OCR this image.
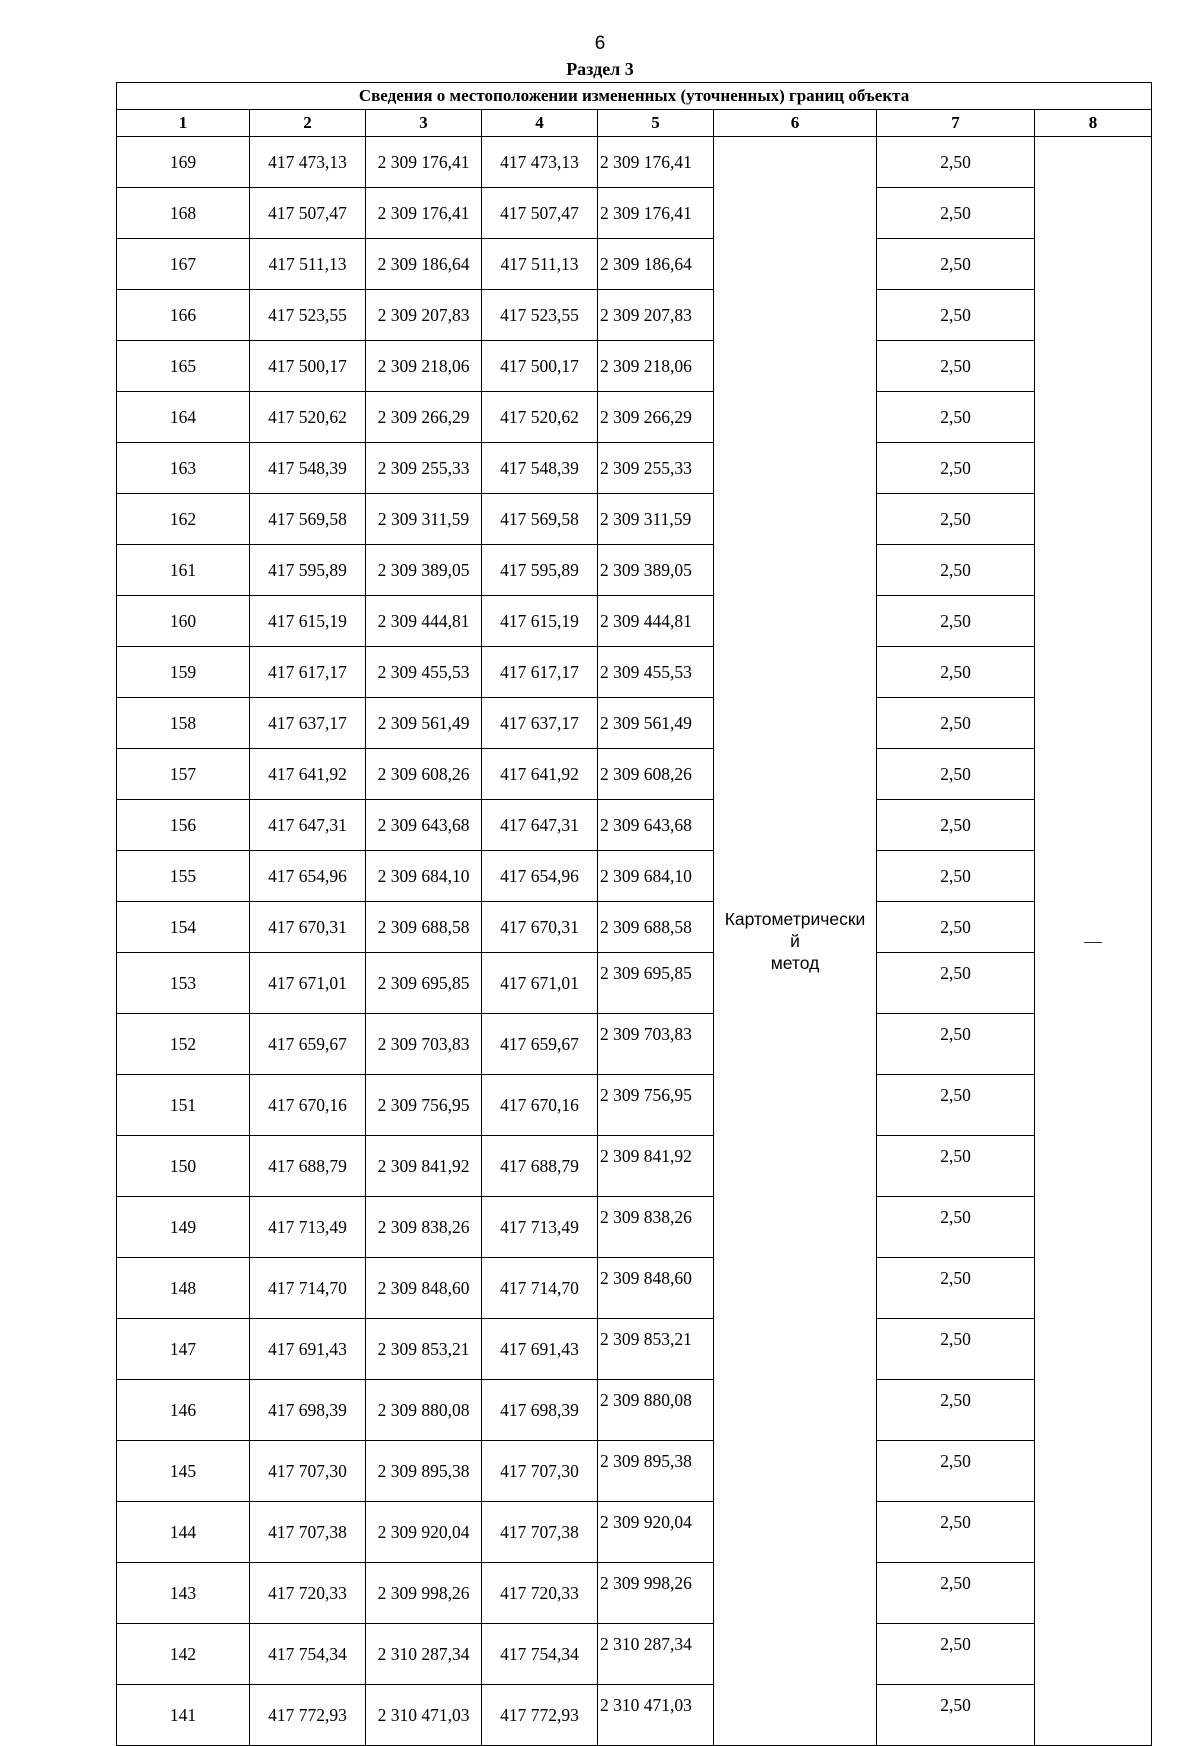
6
Раздел 3
Сведения о местоположении измененных (уточненных) границ объекта							
1	2	3	4	5	6	7	8
169	417 473,13	2 309 176,41	417 473,13	2 309 176,41	Картометрически
й
метод	2,50	—
168	417 507,47	2 309 176,41	417 507,47	2 309 176,41		2,50	
167	417 511,13	2 309 186,64	417 511,13	2 309 186,64		2,50	
166	417 523,55	2 309 207,83	417 523,55	2 309 207,83		2,50	
165	417 500,17	2 309 218,06	417 500,17	2 309 218,06		2,50	
164	417 520,62	2 309 266,29	417 520,62	2 309 266,29		2,50	
163	417 548,39	2 309 255,33	417 548,39	2 309 255,33		2,50	
162	417 569,58	2 309 311,59	417 569,58	2 309 311,59		2,50	
161	417 595,89	2 309 389,05	417 595,89	2 309 389,05		2,50	
160	417 615,19	2 309 444,81	417 615,19	2 309 444,81		2,50	
159	417 617,17	2 309 455,53	417 617,17	2 309 455,53		2,50	
158	417 637,17	2 309 561,49	417 637,17	2 309 561,49		2,50	
157	417 641,92	2 309 608,26	417 641,92	2 309 608,26		2,50	
156	417 647,31	2 309 643,68	417 647,31	2 309 643,68		2,50	
155	417 654,96	2 309 684,10	417 654,96	2 309 684,10		2,50	
154	417 670,31	2 309 688,58	417 670,31	2 309 688,58		2,50	
153	417 671,01	2 309 695,85	417 671,01	2 309 695,85		2,50	
152	417 659,67	2 309 703,83	417 659,67	2 309 703,83		2,50	
151	417 670,16	2 309 756,95	417 670,16	2 309 756,95		2,50	
150	417 688,79	2 309 841,92	417 688,79	2 309 841,92		2,50	
149	417 713,49	2 309 838,26	417 713,49	2 309 838,26		2,50	
148	417 714,70	2 309 848,60	417 714,70	2 309 848,60		2,50	
147	417 691,43	2 309 853,21	417 691,43	2 309 853,21		2,50	
146	417 698,39	2 309 880,08	417 698,39	2 309 880,08		2,50	
145	417 707,30	2 309 895,38	417 707,30	2 309 895,38		2,50	
144	417 707,38	2 309 920,04	417 707,38	2 309 920,04		2,50	
143	417 720,33	2 309 998,26	417 720,33	2 309 998,26		2,50	
142	417 754,34	2 310 287,34	417 754,34	2 310 287,34		2,50	
141	417 772,93	2 310 471,03	417 772,93	2 310 471,03		2,50	
